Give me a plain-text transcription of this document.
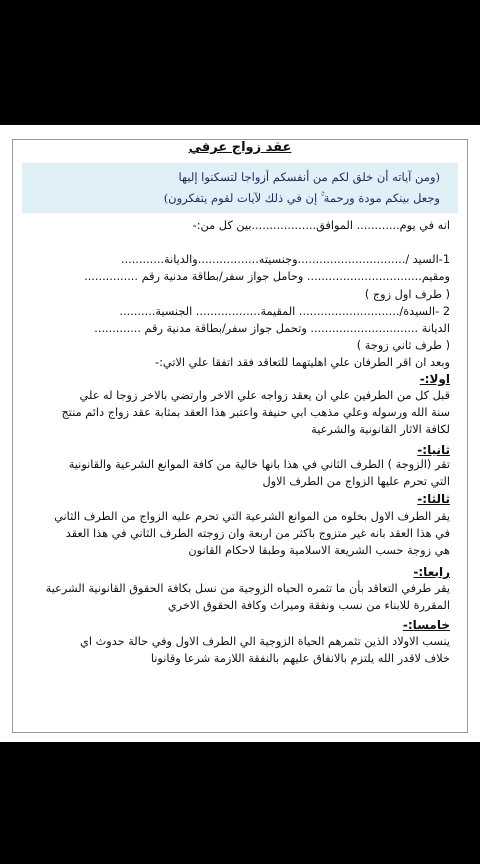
عقد زواج عرفي
(ومن آياته أن خلق لكم من أنفسكم أزواجا لتسكنوا إليها
وجعل بينكم مودة ورحمة ۚ إن في ذلك لآيات لقوم يتفكرون)
انه في يوم............ الموافق..................بين كل من:-
1-السيد /..............................وجنسيته.................والديانة............
ومقيم................................ وحامل جواز سفر/بطاقة مدنية رقم ...............
( طرف اول زوج )
2 -السيدة/............................ المقيمة.................. الجنسية..........
الديانة .............................. وتحمل جواز سفر/بطاقة مدنية رقم .............
( طرف ثاني زوجة )
وبعد ان اقر الطرفان علي اهليتهما للتعاقد فقد اتفقا علي الاتي:-
اولا:-
قبل كل من الطرفين علي ان يعقد زواجه علي الاخر وارتضي بالاخر زوجا له علي
سنة الله ورسوله وعلي مذهب ابي حنيفة واعتبر هذا العقد بمثابة عقد زواج دائم منتج
لكافة الاثار القانونية والشرعية
ثانيا:-
تقر (الزوجة ) الطرف الثاني في هذا بانها خالية من كافة الموانع الشرعية والقانونية
التي تحرم عليها الزواج من الطرف الاول
ثالثا:-
يقر الطرف الاول بخلوه من الموانع الشرعية التي تحرم عليه الزواج من الطرف الثاني
في هذا العقد بانه غير متزوج باكثر من اربعة وان زوجته الطرف الثاني في هذا العقد
هي زوجة حسب الشريعة الاسلامية وطبقا لاحكام القانون
رابعا:-
يقر طرفي التعاقد بأن ما تثمره الحياه الزوجية من نسل بكافة الحقوق القانونية الشرعية
المقررة للابناء من نسب ونفقة وميراث وكافة الحقوق الاخري
خامسا:-
ينسب الاولاد الذين تثمرهم الحياة الزوجية الي الطرف الاول وفي حالة حدوث اي
خلاف لاقدر الله يلتزم بالانفاق عليهم بالنفقة اللازمة شرعا وقانونا
